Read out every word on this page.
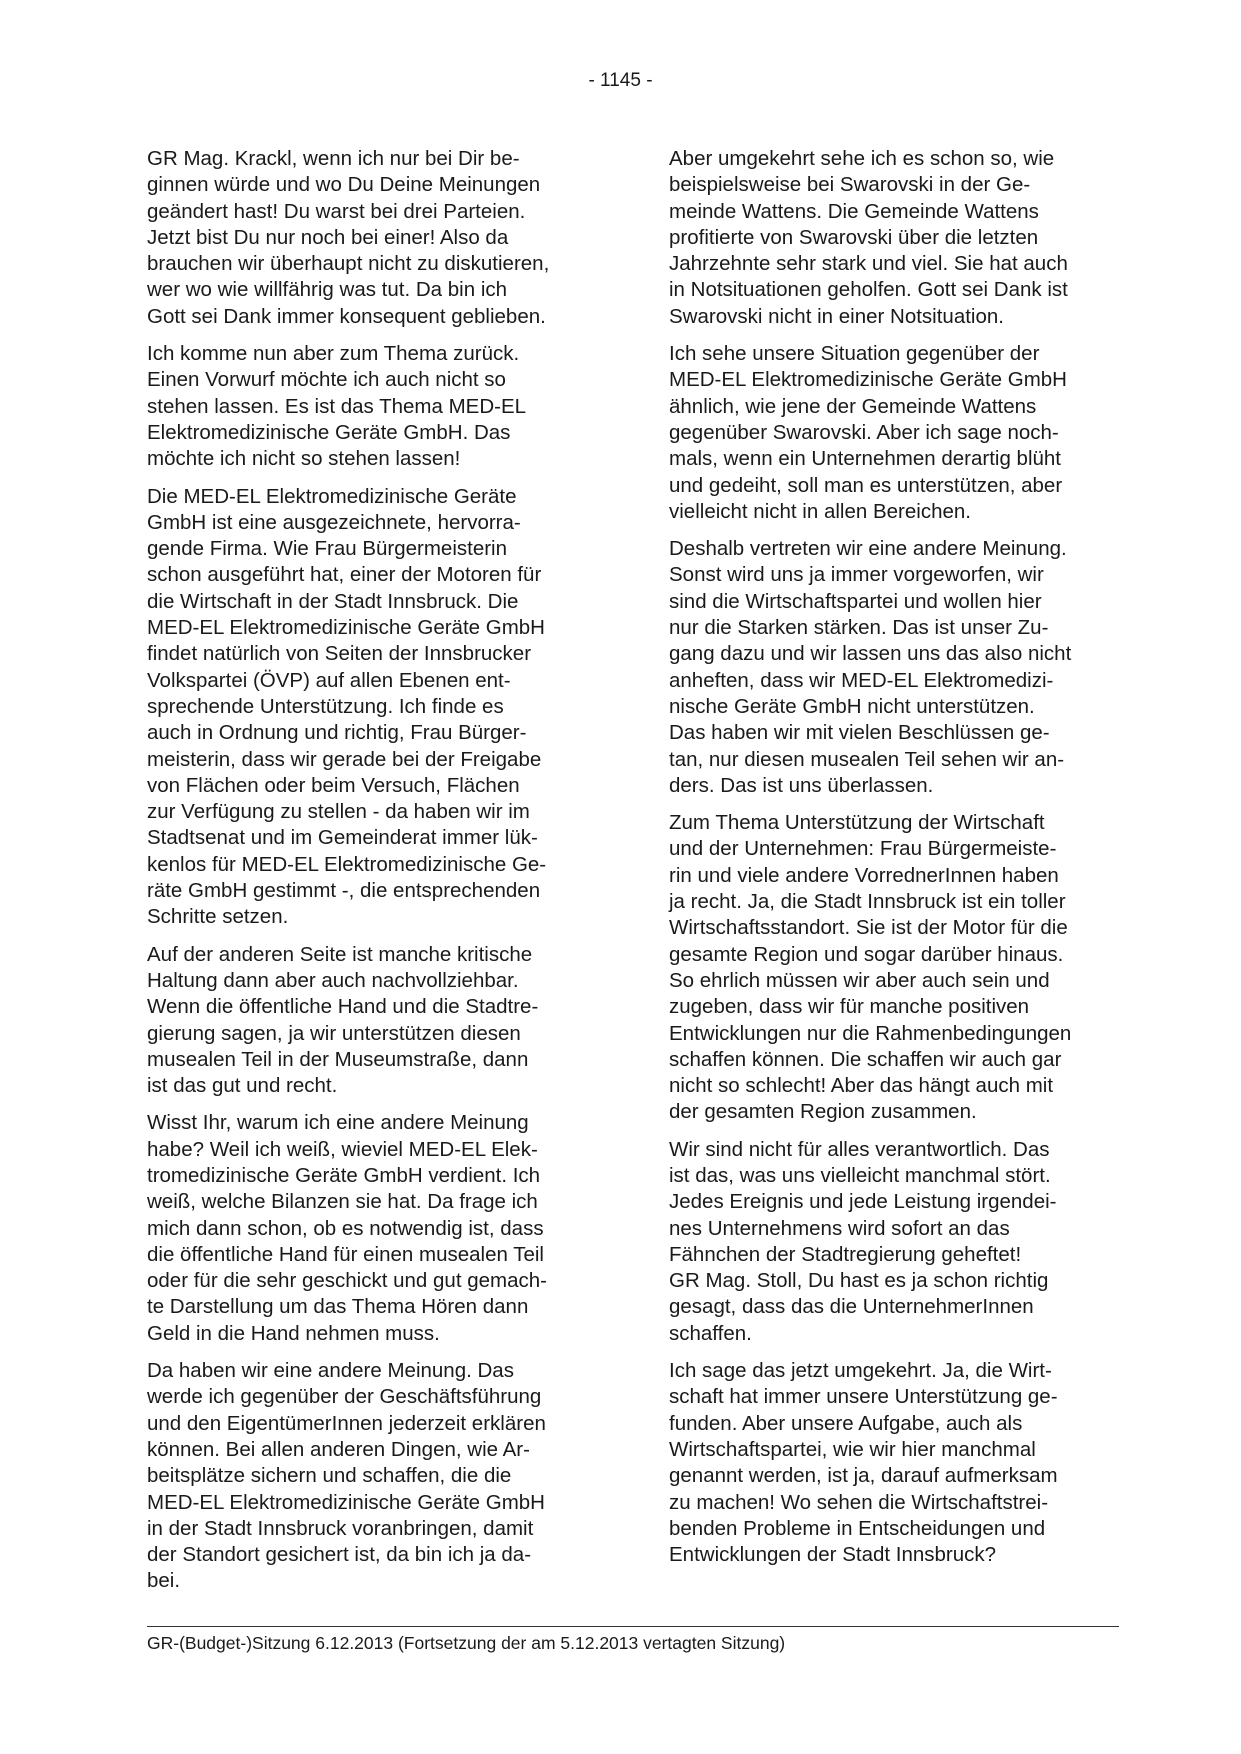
- 1145 -

GR Mag. Krackl, wenn ich nur bei Dir be-
ginnen würde und wo Du Deine Meinungen
geändert hast! Du warst bei drei Parteien.
Jetzt bist Du nur noch bei einer! Also da
brauchen wir überhaupt nicht zu diskutieren,
wer wo wie willfährig was tut. Da bin ich
Gott sei Dank immer konsequent geblieben.

Ich komme nun aber zum Thema zurück.
Einen Vorwurf möchte ich auch nicht so
stehen lassen. Es ist das Thema MED-EL
Elektromedizinische Geräte GmbH. Das
möchte ich nicht so stehen lassen!

Die MED-EL Elektromedizinische Geräte
GmbH ist eine ausgezeichnete, hervorra-
gende Firma. Wie Frau Bürgermeisterin
schon ausgeführt hat, einer der Motoren für
die Wirtschaft in der Stadt Innsbruck. Die
MED-EL Elektromedizinische Geräte GmbH
findet natürlich von Seiten der Innsbrucker
Volkspartei (ÖVP) auf allen Ebenen ent-
sprechende Unterstützung. Ich finde es
auch in Ordnung und richtig, Frau Bürger-
meisterin, dass wir gerade bei der Freigabe
von Flächen oder beim Versuch, Flächen
zur Verfügung zu stellen - da haben wir im
Stadtsenat und im Gemeinderat immer lük-
kenlos für MED-EL Elektromedizinische Ge-
räte GmbH gestimmt -, die entsprechenden
Schritte setzen.

Auf der anderen Seite ist manche kritische
Haltung dann aber auch nachvollziehbar.
Wenn die öffentliche Hand und die Stadtre-
gierung sagen, ja wir unterstützen diesen
musealen Teil in der Museumstraße, dann
ist das gut und recht.

Wisst Ihr, warum ich eine andere Meinung
habe? Weil ich weiß, wieviel MED-EL Elek-
tromedizinische Geräte GmbH verdient. Ich
weiß, welche Bilanzen sie hat. Da frage ich
mich dann schon, ob es notwendig ist, dass
die öffentliche Hand für einen musealen Teil
oder für die sehr geschickt und gut gemach-
te Darstellung um das Thema Hören dann
Geld in die Hand nehmen muss.

Da haben wir eine andere Meinung. Das
werde ich gegenüber der Geschäftsführung
und den EigentümerInnen jederzeit erklären
können. Bei allen anderen Dingen, wie Ar-
beitsplätze sichern und schaffen, die die
MED-EL Elektromedizinische Geräte GmbH
in der Stadt Innsbruck voranbringen, damit
der Standort gesichert ist, da bin ich ja da-
bei.

Aber umgekehrt sehe ich es schon so, wie
beispielsweise bei Swarovski in der Ge-
meinde Wattens. Die Gemeinde Wattens
profitierte von Swarovski über die letzten
Jahrzehnte sehr stark und viel. Sie hat auch
in Notsituationen geholfen. Gott sei Dank ist
Swarovski nicht in einer Notsituation.

Ich sehe unsere Situation gegenüber der
MED-EL Elektromedizinische Geräte GmbH
ähnlich, wie jene der Gemeinde Wattens
gegenüber Swarovski. Aber ich sage noch-
mals, wenn ein Unternehmen derartig blüht
und gedeiht, soll man es unterstützen, aber
vielleicht nicht in allen Bereichen.

Deshalb vertreten wir eine andere Meinung.
Sonst wird uns ja immer vorgeworfen, wir
sind die Wirtschaftspartei und wollen hier
nur die Starken stärken. Das ist unser Zu-
gang dazu und wir lassen uns das also nicht
anheften, dass wir MED-EL Elektromedizi-
nische Geräte GmbH nicht unterstützen.
Das haben wir mit vielen Beschlüssen ge-
tan, nur diesen musealen Teil sehen wir an-
ders. Das ist uns überlassen.

Zum Thema Unterstützung der Wirtschaft
und der Unternehmen: Frau Bürgermeiste-
rin und viele andere VorrednerInnen haben
ja recht. Ja, die Stadt Innsbruck ist ein toller
Wirtschaftsstandort. Sie ist der Motor für die
gesamte Region und sogar darüber hinaus.
So ehrlich müssen wir aber auch sein und
zugeben, dass wir für manche positiven
Entwicklungen nur die Rahmenbedingungen
schaffen können. Die schaffen wir auch gar
nicht so schlecht! Aber das hängt auch mit
der gesamten Region zusammen.

Wir sind nicht für alles verantwortlich. Das
ist das, was uns vielleicht manchmal stört.
Jedes Ereignis und jede Leistung irgendei-
nes Unternehmens wird sofort an das
Fähnchen der Stadtregierung geheftet!
GR Mag. Stoll, Du hast es ja schon richtig
gesagt, dass das die UnternehmerInnen
schaffen.

Ich sage das jetzt umgekehrt. Ja, die Wirt-
schaft hat immer unsere Unterstützung ge-
funden. Aber unsere Aufgabe, auch als
Wirtschaftspartei, wie wir hier manchmal
genannt werden, ist ja, darauf aufmerksam
zu machen! Wo sehen die Wirtschaftstrei-
benden Probleme in Entscheidungen und
Entwicklungen der Stadt Innsbruck?

GR-(Budget-)Sitzung 6.12.2013 (Fortsetzung der am 5.12.2013 vertagten Sitzung)
